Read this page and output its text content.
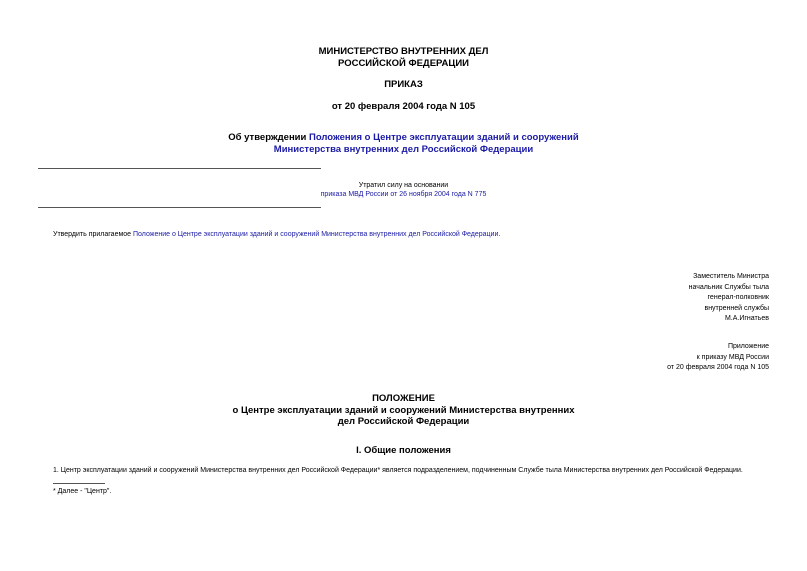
МИНИСТЕРСТВО ВНУТРЕННИХ ДЕЛ
РОССИЙСКОЙ ФЕДЕРАЦИИ
ПРИКАЗ
от 20 февраля 2004 года N 105
Об утверждении Положения о Центре эксплуатации зданий и сооружений
Министерства внутренних дел Российской Федерации
Утратил силу на основании
приказа МВД России от 26 ноября 2004 года N 775
Утвердить прилагаемое Положение о Центре эксплуатации зданий и сооружений Министерства внутренних дел Российской Федерации.
Заместитель Министра
начальник Службы тыла
генерал-полковник
внутренней службы
М.А.Игнатьев
Приложение
к приказу МВД России
от 20 февраля 2004 года N 105
ПОЛОЖЕНИЕ
о Центре эксплуатации зданий и сооружений Министерства внутренних
дел Российской Федерации
I. Общие положения
1. Центр эксплуатации зданий и сооружений Министерства внутренних дел Российской Федерации* является подразделением, подчиненным Службе тыла Министерства внутренних дел Российской Федерации.
* Далее - "Центр".
